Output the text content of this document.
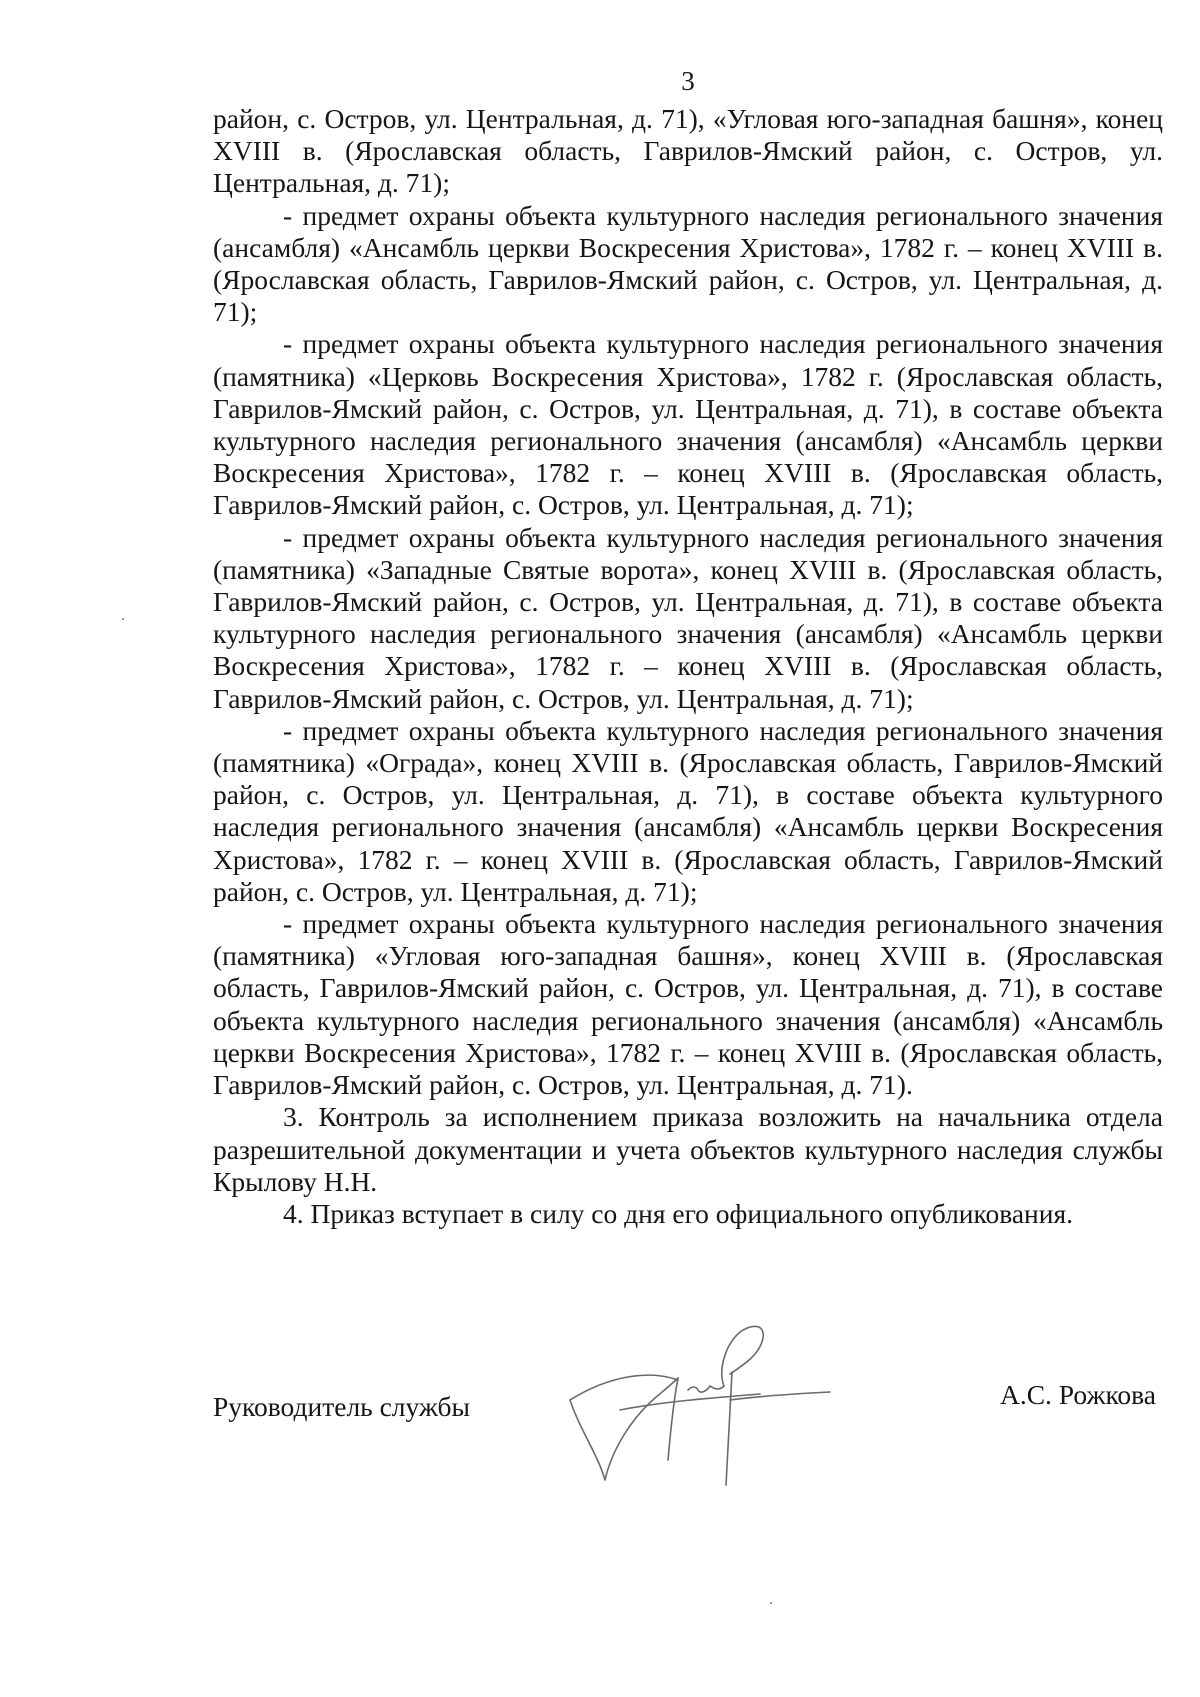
3

район, с. Остров, ул. Центральная, д. 71), «Угловая юго-западная башня», конец XVIII в. (Ярославская область, Гаврилов-Ямский район, с. Остров, ул. Центральная, д. 71);

- предмет охраны объекта культурного наследия регионального значения (ансамбля) «Ансамбль церкви Воскресения Христова», 1782 г. – конец XVIII в. (Ярославская область, Гаврилов-Ямский район, с. Остров, ул. Центральная, д. 71);

- предмет охраны объекта культурного наследия регионального значения (памятника) «Церковь Воскресения Христова», 1782 г. (Ярославская область, Гаврилов-Ямский район, с. Остров, ул. Центральная, д. 71), в составе объекта культурного наследия регионального значения (ансамбля) «Ансамбль церкви Воскресения Христова», 1782 г. – конец XVIII в. (Ярославская область, Гаврилов-Ямский район, с. Остров, ул. Центральная, д. 71);

- предмет охраны объекта культурного наследия регионального значения (памятника) «Западные Святые ворота», конец XVIII в. (Ярославская область, Гаврилов-Ямский район, с. Остров, ул. Центральная, д. 71), в составе объекта культурного наследия регионального значения (ансамбля) «Ансамбль церкви Воскресения Христова», 1782 г. – конец XVIII в. (Ярославская область, Гаврилов-Ямский район, с. Остров, ул. Центральная, д. 71);

- предмет охраны объекта культурного наследия регионального значения (памятника) «Ограда», конец XVIII в. (Ярославская область, Гаврилов-Ямский район, с. Остров, ул. Центральная, д. 71), в составе объекта культурного наследия регионального значения (ансамбля) «Ансамбль церкви Воскресения Христова», 1782 г. – конец XVIII в. (Ярославская область, Гаврилов-Ямский район, с. Остров, ул. Центральная, д. 71);

- предмет охраны объекта культурного наследия регионального значения (памятника) «Угловая юго-западная башня», конец XVIII в. (Ярославская область, Гаврилов-Ямский район, с. Остров, ул. Центральная, д. 71), в составе объекта культурного наследия регионального значения (ансамбля) «Ансамбль церкви Воскресения Христова», 1782 г. – конец XVIII в. (Ярославская область, Гаврилов-Ямский район, с. Остров, ул. Центральная, д. 71).

3. Контроль за исполнением приказа возложить на начальника отдела разрешительной документации и учета объектов культурного наследия службы Крылову Н.Н.

4. Приказ вступает в силу со дня его официального опубликования.

Руководитель службы	А.С. Рожкова
